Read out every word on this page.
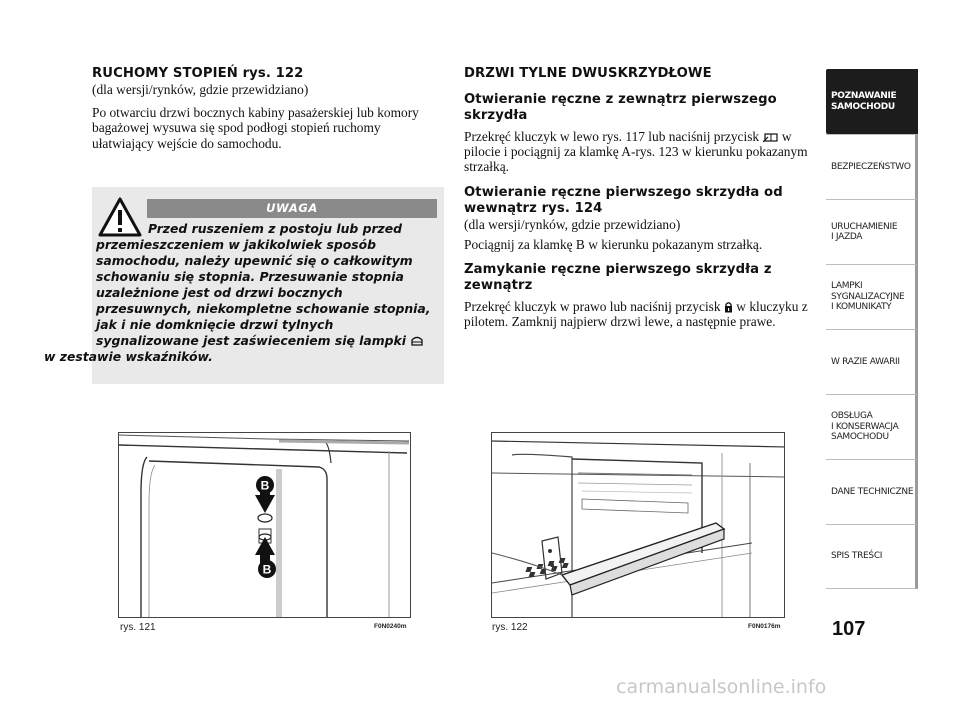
RUCHOMY STOPIEŃ rys. 122
(dla wersji/rynków, gdzie przewidziano)
Po otwarciu drzwi bocznych kabiny pasażerskiej lub komory bagażowej wysuwa się spod podłogi stopień ruchomy ułatwiający wejście do samochodu.
UWAGA
Przed ruszeniem z postoju lub przed przemieszczeniem w jakikolwiek sposób samochodu, należy upewnić się o całkowitym schowaniu się stopnia. Przesuwanie stopnia uzależnione jest od drzwi bocznych przesuwnych, niekompletne schowanie stopnia, jak i nie domknięcie drzwi tylnych sygnalizowane jest zaświeceniem się lampki
w zestawie wskaźników.
DRZWI TYLNE DWUSKRZYDŁOWE
Otwieranie ręczne z zewnątrz pierwszego skrzydła
Przekręć kluczyk w lewo rys. 117 lub naciśnij przycisk w pilocie i pociągnij za klamkę A-rys. 123 w kierunku pokazanym strzałką.
Otwieranie ręczne pierwszego skrzydła od wewnątrz rys. 124
(dla wersji/rynków, gdzie przewidziano)
Pociągnij za klamkę B w kierunku pokazanym strzałką.
Zamykanie ręczne pierwszego skrzydła z zewnątrz
Przekręć kluczyk w prawo lub naciśnij przycisk w kluczyku z pilotem. Zamknij najpierw drzwi lewe, a następnie prawe.
B
B
rys. 121	F0N0240m	rys. 122	F0N0176m
POZNAWANIE
SAMOCHODU
BEZPIECZEŃSTWO
URUCHAMIENIE
I JAZDA
LAMPKI
SYGNALIZACYJNE
I KOMUNIKATY
W RAZIE AWARII
OBSŁUGA
I KONSERWACJA
SAMOCHODU
DANE TECHNICZNE
SPIS TREŚCI
107
carmanualsonline.info
